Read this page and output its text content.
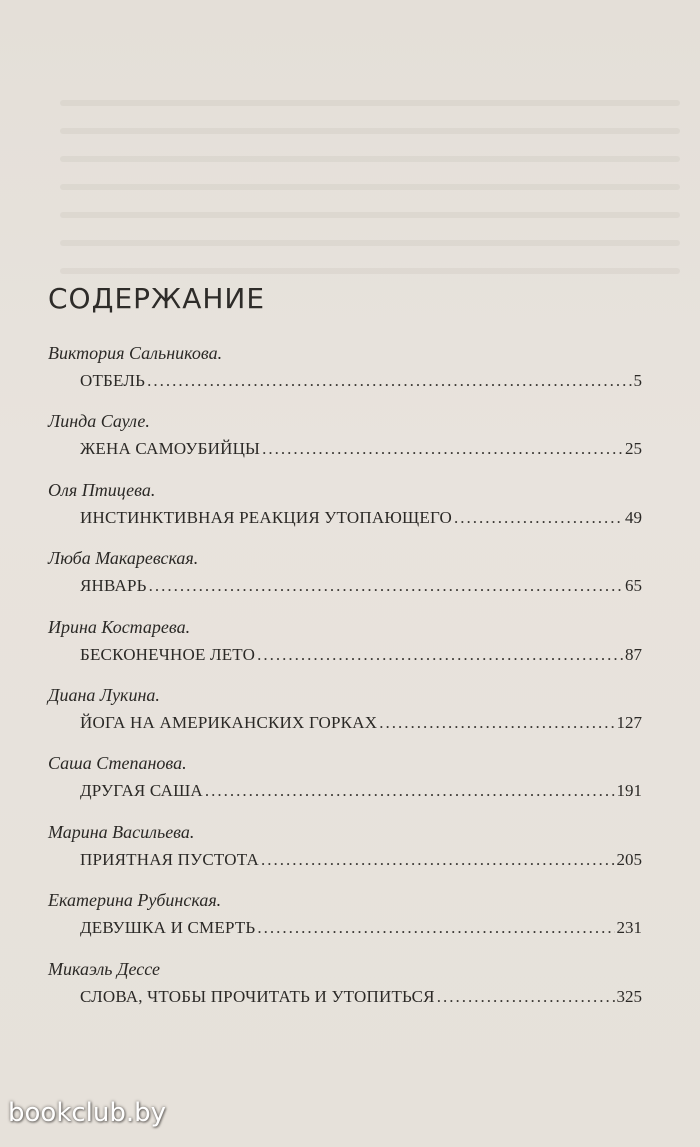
СОДЕРЖАНИЕ
Виктория Сальникова.
ОТБЕЛЬ .....	5
Линда Сауле.
ЖЕНА САМОУБИЙЦЫ .....	25
Оля Птицева.
ИНСТИНКТИВНАЯ РЕАКЦИЯ УТОПАЮЩЕГО .....	49
Люба Макаревская.
ЯНВАРЬ .....	65
Ирина Костарева.
БЕСКОНЕЧНОЕ ЛЕТО .....	87
Диана Лукина.
ЙОГА НА АМЕРИКАНСКИХ ГОРКАХ .....	127
Саша Степанова.
ДРУГАЯ САША .....	191
Марина Васильева.
ПРИЯТНАЯ ПУСТОТА .....	205
Екатерина Рубинская.
ДЕВУШКА И СМЕРТЬ .....	231
Микаэль Дессе
СЛОВА, ЧТОБЫ ПРОЧИТАТЬ И УТОПИТЬСЯ .....	325
bookclub.by
